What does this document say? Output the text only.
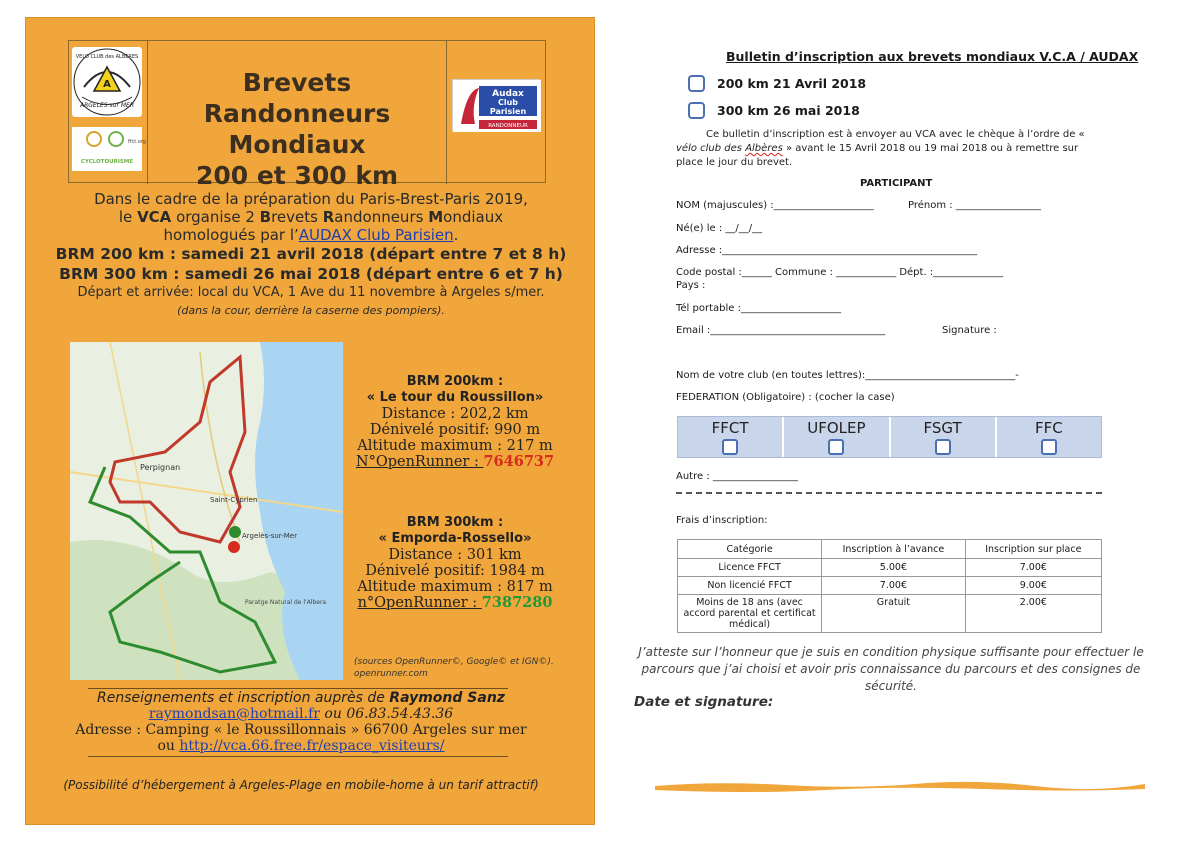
A
ARGELES sur MER
VELO CLUB des ALBERES
ffct.org
CYCLOTOURISME
Brevets
Randonneurs Mondiaux
200 et 300 km
Audax
Club
Parisien
RANDONNEUR
Dans le cadre de la préparation du Paris-Brest-Paris 2019,
le VCA organise 2 Brevets Randonneurs Mondiaux
homologués par l’AUDAX Club Parisien.
BRM 200 km : samedi 21 avril 2018 (départ entre 7 et 8 h)
BRM 300 km : samedi 26 mai 2018 (départ entre 6 et 7 h)
Départ et arrivée: local du VCA, 1 Ave du 11 novembre à Argeles s/mer.
(dans la cour, derrière la caserne des pompiers).
Perpignan
Saint-Cyprien
Argelès-sur-Mer
Paratge Natural de l'Albera
BRM 200km :
« Le tour du Roussillon»
Distance : 202,2 km
Dénivelé positif: 990 m
Altitude maximum : 217 m
N°OpenRunner : 7646737
BRM 300km :
« Emporda-Rossello»
Distance : 301 km
Dénivelé positif: 1984 m
Altitude maximum : 817 m
n°OpenRunner : 7387280
(sources OpenRunner©, Google© et IGN©).
openrunner.com
Renseignements et inscription auprès de Raymond Sanz
raymondsan@hotmail.fr ou 06.83.54.43.36
Adresse : Camping « le Roussillonnais » 66700 Argeles sur mer
ou http://vca.66.free.fr/espace_visiteurs/
(Possibilité d’hébergement à Argeles-Plage en mobile-home à un tarif attractif)
Bulletin d’inscription aux brevets mondiaux V.C.A / AUDAX
200 km 21 Avril 2018
300 km 26 mai 2018
Ce bulletin d’inscription est à envoyer au VCA avec le chèque à l’ordre de « vélo club des Albères » avant le 15 Avril 2018 ou 19 mai 2018 ou à remettre sur place le jour du brevet.
PARTICIPANT
NOM (majuscules) :____________________	Prénom : _________________
Né(e) le : __/__/__
Adresse :___________________________________________________
Code postal :______ Commune : ____________ Dépt. :______________
Pays :
Tél portable :____________________
Email :___________________________________	Signature :
Nom de votre club (en toutes lettres):______________________________-
FEDERATION (Obligatoire) : (cocher la case)
FFCT	UFOLEP	FSGT	FFC
Autre : _________________
Frais d’inscription:
Catégorie	Inscription à l’avance	Inscription sur place
Licence FFCT	5.00€	7.00€
Non licencié FFCT	7.00€	9.00€
Moins de 18 ans (avec accord parental et certificat médical)	Gratuit	2.00€
J’atteste sur l’honneur que je suis en condition physique suffisante pour effectuer le parcours que j’ai choisi et avoir pris connaissance du parcours et des consignes de sécurité.
Date et signature:
